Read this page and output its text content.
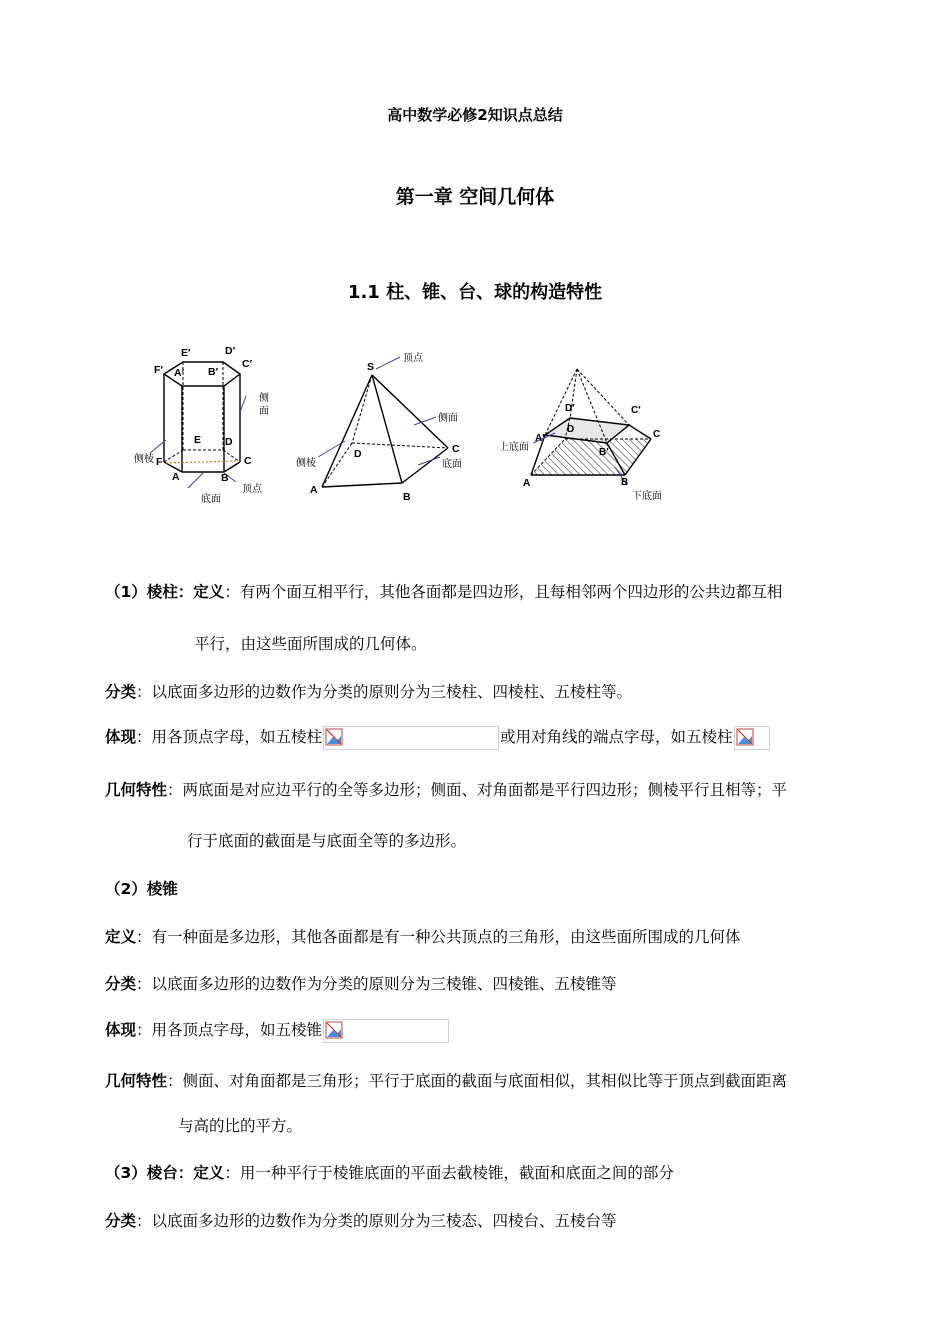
高中数学必修2知识点总结
第一章 空间几何体
1.1 柱、锥、台、球的构造特性
E′	D′
F′	C′
A′ B′
E D
F	C
A	B
侧
面
侧棱
底面
顶点
S
D	C
A
B
顶点
侧面
侧棱	底面
D′	C′
A′
D
B′
C
A	B
上底面
下底面
（1）棱柱：定义：有两个面互相平行，其他各面都是四边形，且每相邻两个四边形的公共边都互相
平行，由这些面所围成的几何体。
分类：以底面多边形的边数作为分类的原则分为三棱柱、四棱柱、五棱柱等。
体现：用各顶点字母，如五棱柱	或用对角线的端点字母，如五棱柱
几何特性：两底面是对应边平行的全等多边形；侧面、对角面都是平行四边形；侧棱平行且相等；平
行于底面的截面是与底面全等的多边形。
（2）棱锥
定义：有一种面是多边形，其他各面都是有一种公共顶点的三角形，由这些面所围成的几何体
分类：以底面多边形的边数作为分类的原则分为三棱锥、四棱锥、五棱锥等
体现：用各顶点字母，如五棱锥
几何特性：侧面、对角面都是三角形；平行于底面的截面与底面相似，其相似比等于顶点到截面距离
与高的比的平方。
（3）棱台：定义：用一种平行于棱锥底面的平面去截棱锥，截面和底面之间的部分
分类：以底面多边形的边数作为分类的原则分为三棱态、四棱台、五棱台等
